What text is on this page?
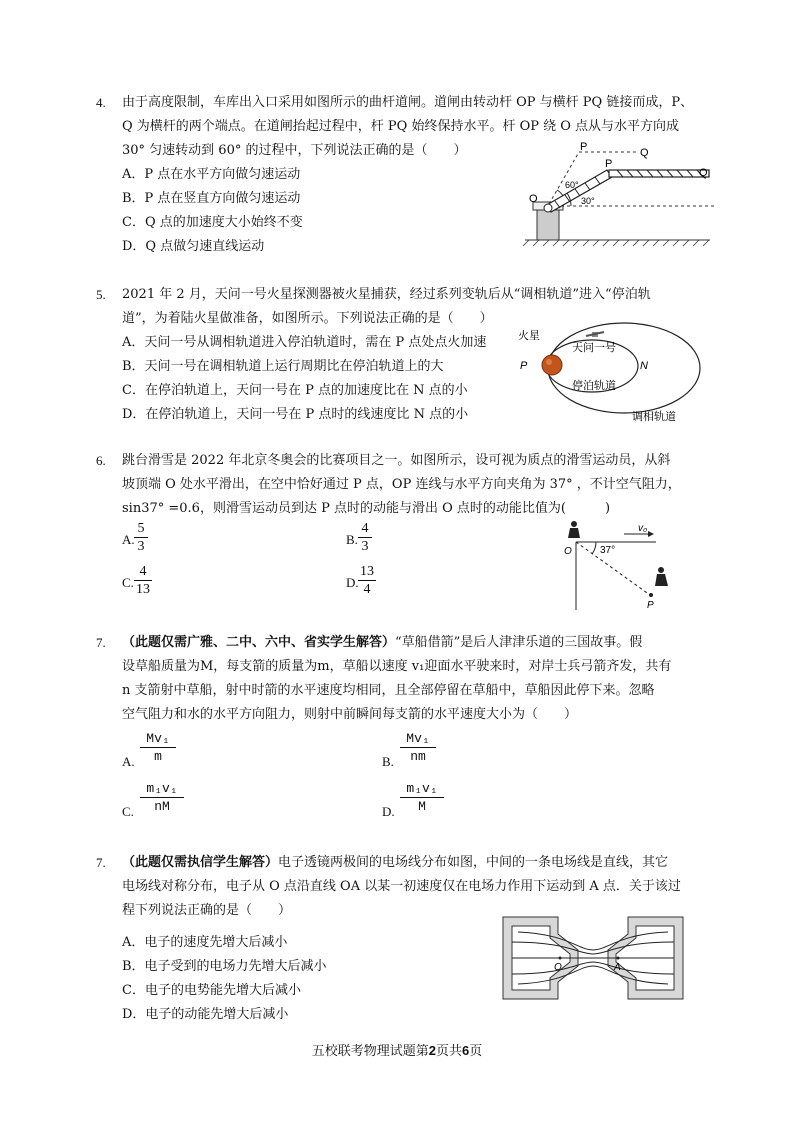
4. 由于高度限制，车库出入口采用如图所示的曲杆道闸。道闸由转动杆 OP 与横杆 PQ 链接而成，P、
Q 为横杆的两个端点。在道闸抬起过程中，杆 PQ 始终保持水平。杆 OP 绕 O 点从与水平方向成
30° 匀速转动到 60° 的过程中，下列说法正确的是（　　）
A．P 点在水平方向做匀速运动
B．P 点在竖直方向做匀速运动
C．Q 点的加速度大小始终不变
D．Q 点做匀速直线运动
P	Q
P
Q
O
60°
30°
5. 2021 年 2 月，天问一号火星探测器被火星捕获，经过系列变轨后从“调相轨道”进入“停泊轨
道”，为着陆火星做准备，如图所示。下列说法正确的是（　　）
A．天问一号从调相轨道进入停泊轨道时，需在 P 点处点火加速
B．天问一号在调相轨道上运行周期比在停泊轨道上的大
C．在停泊轨道上，天问一号在 P 点的加速度比在 N 点的小
D．在停泊轨道上，天问一号在 P 点时的线速度比 N 点的小
火星
天问一号
P	N
停泊轨道
调相轨道
6. 跳台滑雪是 2022 年北京冬奥会的比赛项目之一。如图所示，设可视为质点的滑雪运动员，从斜
坡顶端 O 处水平滑出，在空中恰好通过 P 点，OP 连线与水平方向夹角为 37° ，不计空气阻力，
sin37° =0.6，则滑雪运动员到达 P 点时的动能与滑出 O 点时的动能比值为(　　　)
A.
5
3	B.
4
3
C.
4
13	D.
13
4
O
P
v₀
37°
7. （此题仅需广雅、二中、六中、省实学生解答）“草船借箭”是后人津津乐道的三国故事。假
设草船质量为M，每支箭的质量为m，草船以速度 v₁迎面水平驶来时，对岸士兵弓箭齐发，共有
n 支箭射中草船，射中时箭的水平速度均相同，且全部停留在草船中，草船因此停下来。忽略
空气阻力和水的水平方向阻力，则射中前瞬间每支箭的水平速度大小为（　　）
A.
Mv₁
m	B.
Mv₁
nm
C.
m₁v₁
nM	D.
m₁v₁
M
7. （此题仅需执信学生解答）电子透镜两极间的电场线分布如图，中间的一条电场线是直线，其它
电场线对称分布，电子从 O 点沿直线 OA 以某一初速度仅在电场力作用下运动到 A 点．关于该过
程下列说法正确的是（　　）
A．电子的速度先增大后减小
B．电子受到的电场力先增大后减小
C．电子的电势能先增大后减小
D．电子的动能先增大后减小
O	A
五校联考物理试题第2页共6页
